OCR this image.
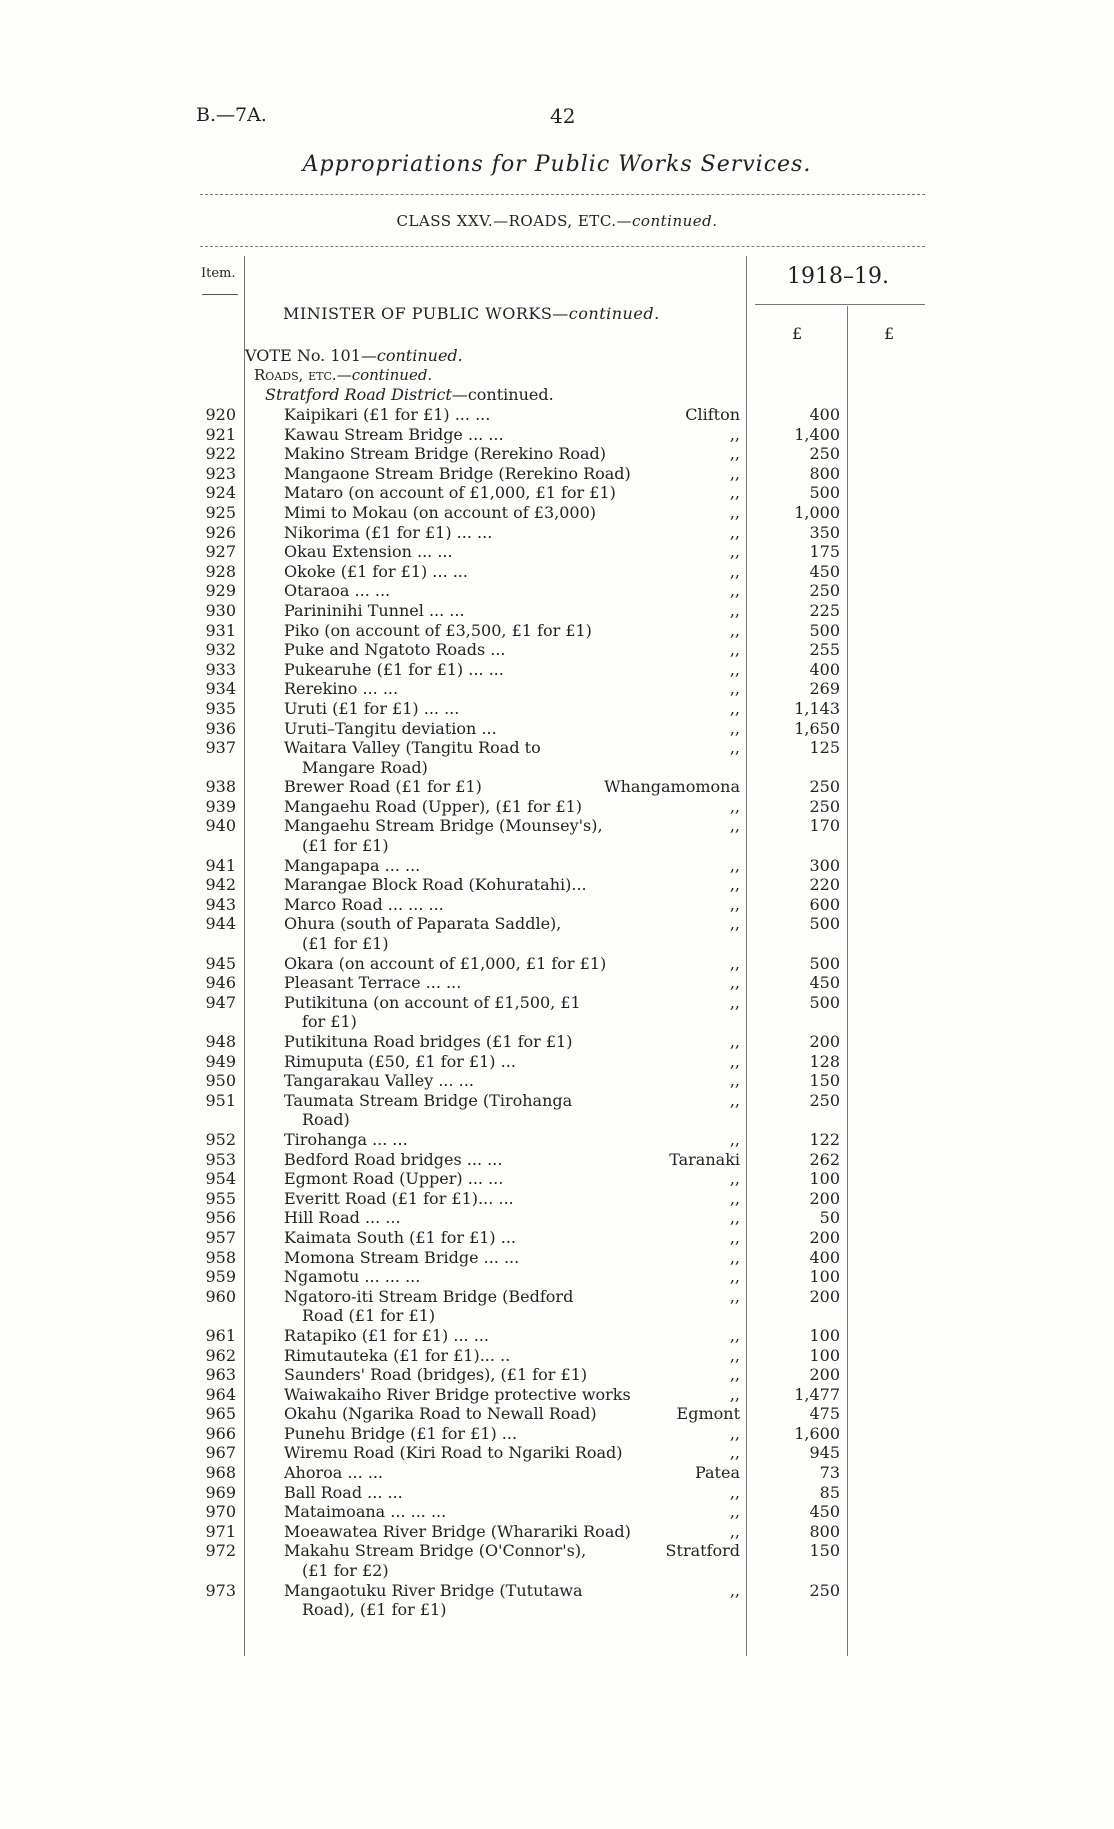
B.—7A.	42
Appropriations for Public Works Services.
CLASS XXV.—ROADS, ETC.—continued.
Item.	1918–19.
£	£
MINISTER OF PUBLIC WORKS—continued.
VOTE No. 101—continued.
Roads, etc.—continued.
Stratford Road District—continued.
920	Kaipikari (£1 for £1) ... ...	Clifton	400
921	Kawau Stream Bridge ... ...	,,	1,400
922	Makino Stream Bridge (Rerekino Road)	,,	250
923	Mangaone Stream Bridge (Rerekino Road)	,,	800
924	Mataro (on account of £1,000, £1 for £1)	,,	500
925	Mimi to Mokau (on account of £3,000)	,,	1,000
926	Nikorima (£1 for £1) ... ...	,,	350
927	Okau Extension ... ...	,,	175
928	Okoke (£1 for £1) ... ...	,,	450
929	Otaraoa ... ...	,,	250
930	Parininihi Tunnel ... ...	,,	225
931	Piko (on account of £3,500, £1 for £1)	,,	500
932	Puke and Ngatoto Roads ...	,,	255
933	Pukearuhe (£1 for £1) ... ...	,,	400
934	Rerekino ... ...	,,	269
935	Uruti (£1 for £1) ... ...	,,	1,143
936	Uruti–Tangitu deviation ...	,,	1,650
937	Waitara Valley (Tangitu Road to	,,	125
Mangare Road)
938	Brewer Road (£1 for £1)	Whangamomona	250
939	Mangaehu Road (Upper), (£1 for £1)	,,	250
940	Mangaehu Stream Bridge (Mounsey's),	,,	170
(£1 for £1)
941	Mangapapa ... ...	,,	300
942	Marangae Block Road (Kohuratahi)...	,,	220
943	Marco Road ... ... ...	,,	600
944	Ohura (south of Paparata Saddle),	,,	500
(£1 for £1)
945	Okara (on account of £1,000, £1 for £1)	,,	500
946	Pleasant Terrace ... ...	,,	450
947	Putikituna (on account of £1,500, £1	,,	500
for £1)
948	Putikituna Road bridges (£1 for £1)	,,	200
949	Rimuputa (£50, £1 for £1) ...	,,	128
950	Tangarakau Valley ... ...	,,	150
951	Taumata Stream Bridge (Tirohanga	,,	250
Road)
952	Tirohanga ... ...	,,	122
953	Bedford Road bridges ... ...	Taranaki	262
954	Egmont Road (Upper) ... ...	,,	100
955	Everitt Road (£1 for £1)... ...	,,	200
956	Hill Road ... ...	,,	50
957	Kaimata South (£1 for £1) ...	,,	200
958	Momona Stream Bridge ... ...	,,	400
959	Ngamotu ... ... ...	,,	100
960	Ngatoro-iti Stream Bridge (Bedford	,,	200
Road (£1 for £1)
961	Ratapiko (£1 for £1) ... ...	,,	100
962	Rimutauteka (£1 for £1)... ..	,,	100
963	Saunders' Road (bridges), (£1 for £1)	,,	200
964	Waiwakaiho River Bridge protective works	,,	1,477
965	Okahu (Ngarika Road to Newall Road)	Egmont	475
966	Punehu Bridge (£1 for £1) ...	,,	1,600
967	Wiremu Road (Kiri Road to Ngariki Road)	,,	945
968	Ahoroa ... ...	Patea	73
969	Ball Road ... ...	,,	85
970	Mataimoana ... ... ...	,,	450
971	Moeawatea River Bridge (Wharariki Road)	,,	800
972	Makahu Stream Bridge (O'Connor's),	Stratford	150
(£1 for £2)
973	Mangaotuku River Bridge (Tututawa	,,	250
Road), (£1 for £1)
